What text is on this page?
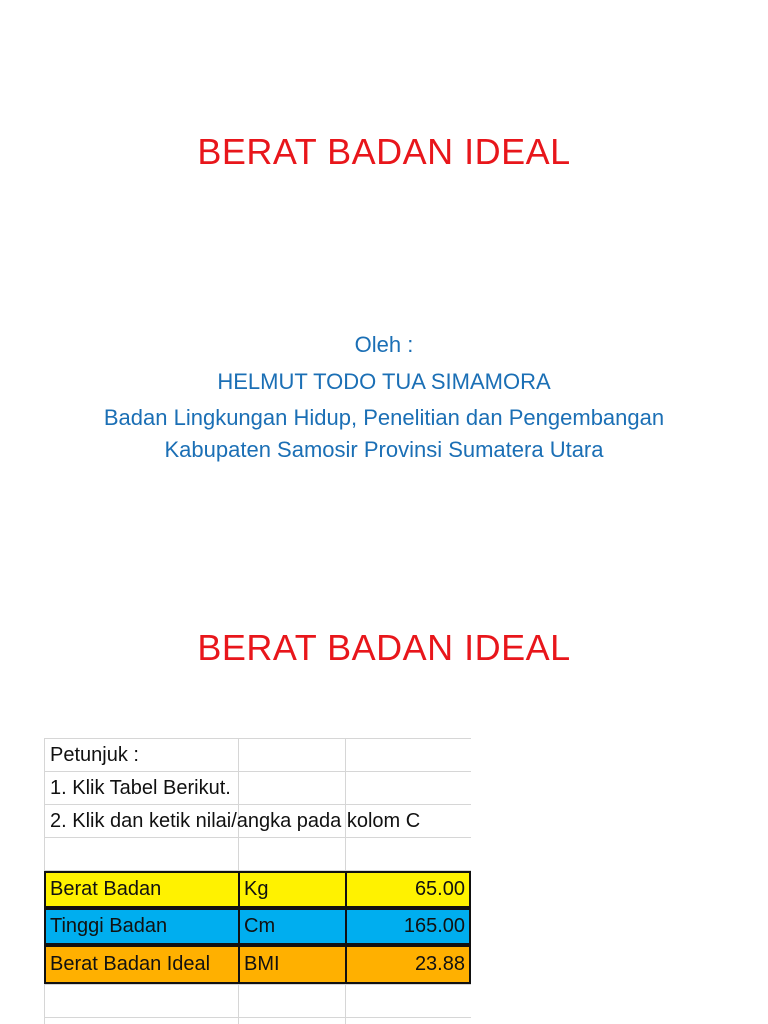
BERAT BADAN IDEAL
Oleh :
HELMUT TODO TUA SIMAMORA
Badan Lingkungan Hidup, Penelitian dan Pengembangan
Kabupaten Samosir Provinsi Sumatera Utara
BERAT BADAN IDEAL
Petunjuk :
1. Klik Tabel Berikut.
2. Klik dan ketik nilai/angka pada kolom C
Berat Badan	Kg	65.00
Tinggi Badan	Cm	165.00
Berat Badan Ideal	BMI	23.88
